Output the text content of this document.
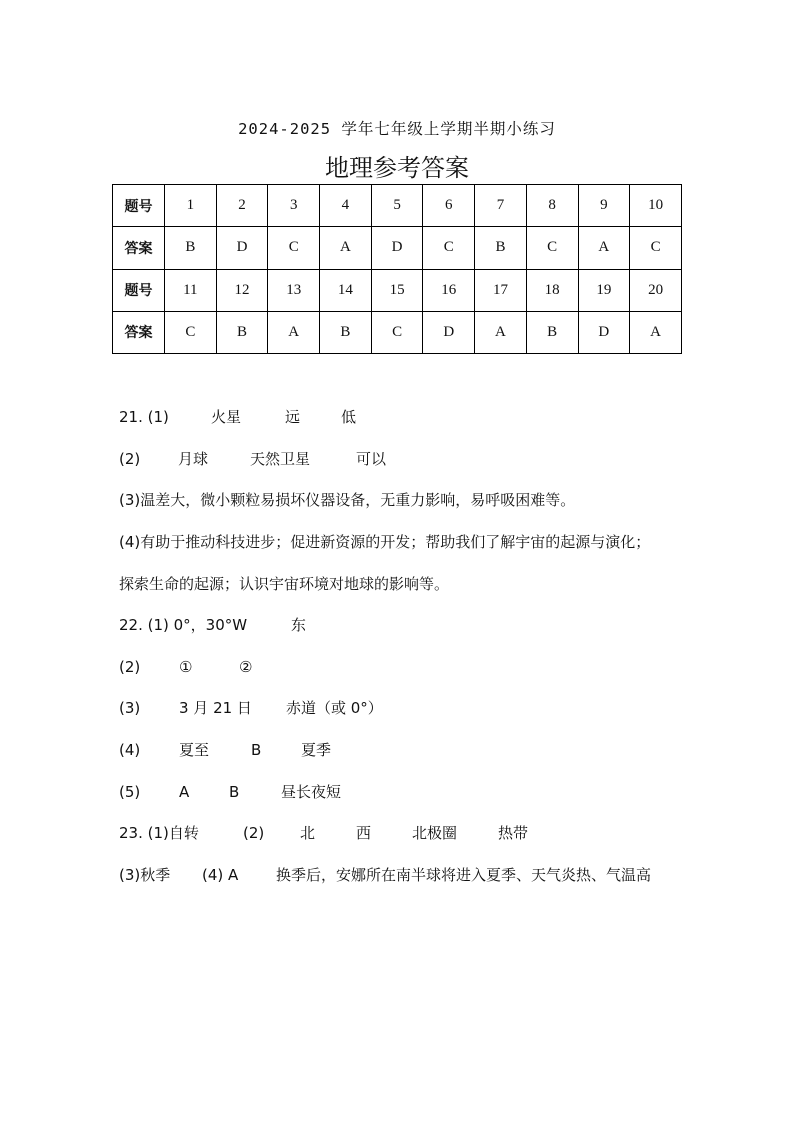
2024-2025 学年七年级上学期半期小练习
地理参考答案
题号	1	2	3	4	5	6	7	8	9	10
答案	B	D	C	A	D	C	B	C	A	C
题号	11	12	13	14	15	16	17	18	19	20
答案	C	B	A	B	C	D	A	B	D	A
21. (1)	火星	远	低
(2)	月球	天然卫星	可以
(3)温差大，微小颗粒易损坏仪器设备，无重力影响，易呼吸困难等。
(4)有助于推动科技进步；促进新资源的开发；帮助我们了解宇宙的起源与演化；
探索生命的起源；认识宇宙环境对地球的影响等。
22. (1) 0°，30°W	东
(2)	①	②
(3)	3 月 21 日 赤道（或 0°）
(4)	夏至	B	夏季
(5)	A	B	昼长夜短
23. (1)自转	(2) 北	西	北极圈	热带
(3)秋季 (4) A	换季后，安娜所在南半球将进入夏季、天气炎热、气温高
